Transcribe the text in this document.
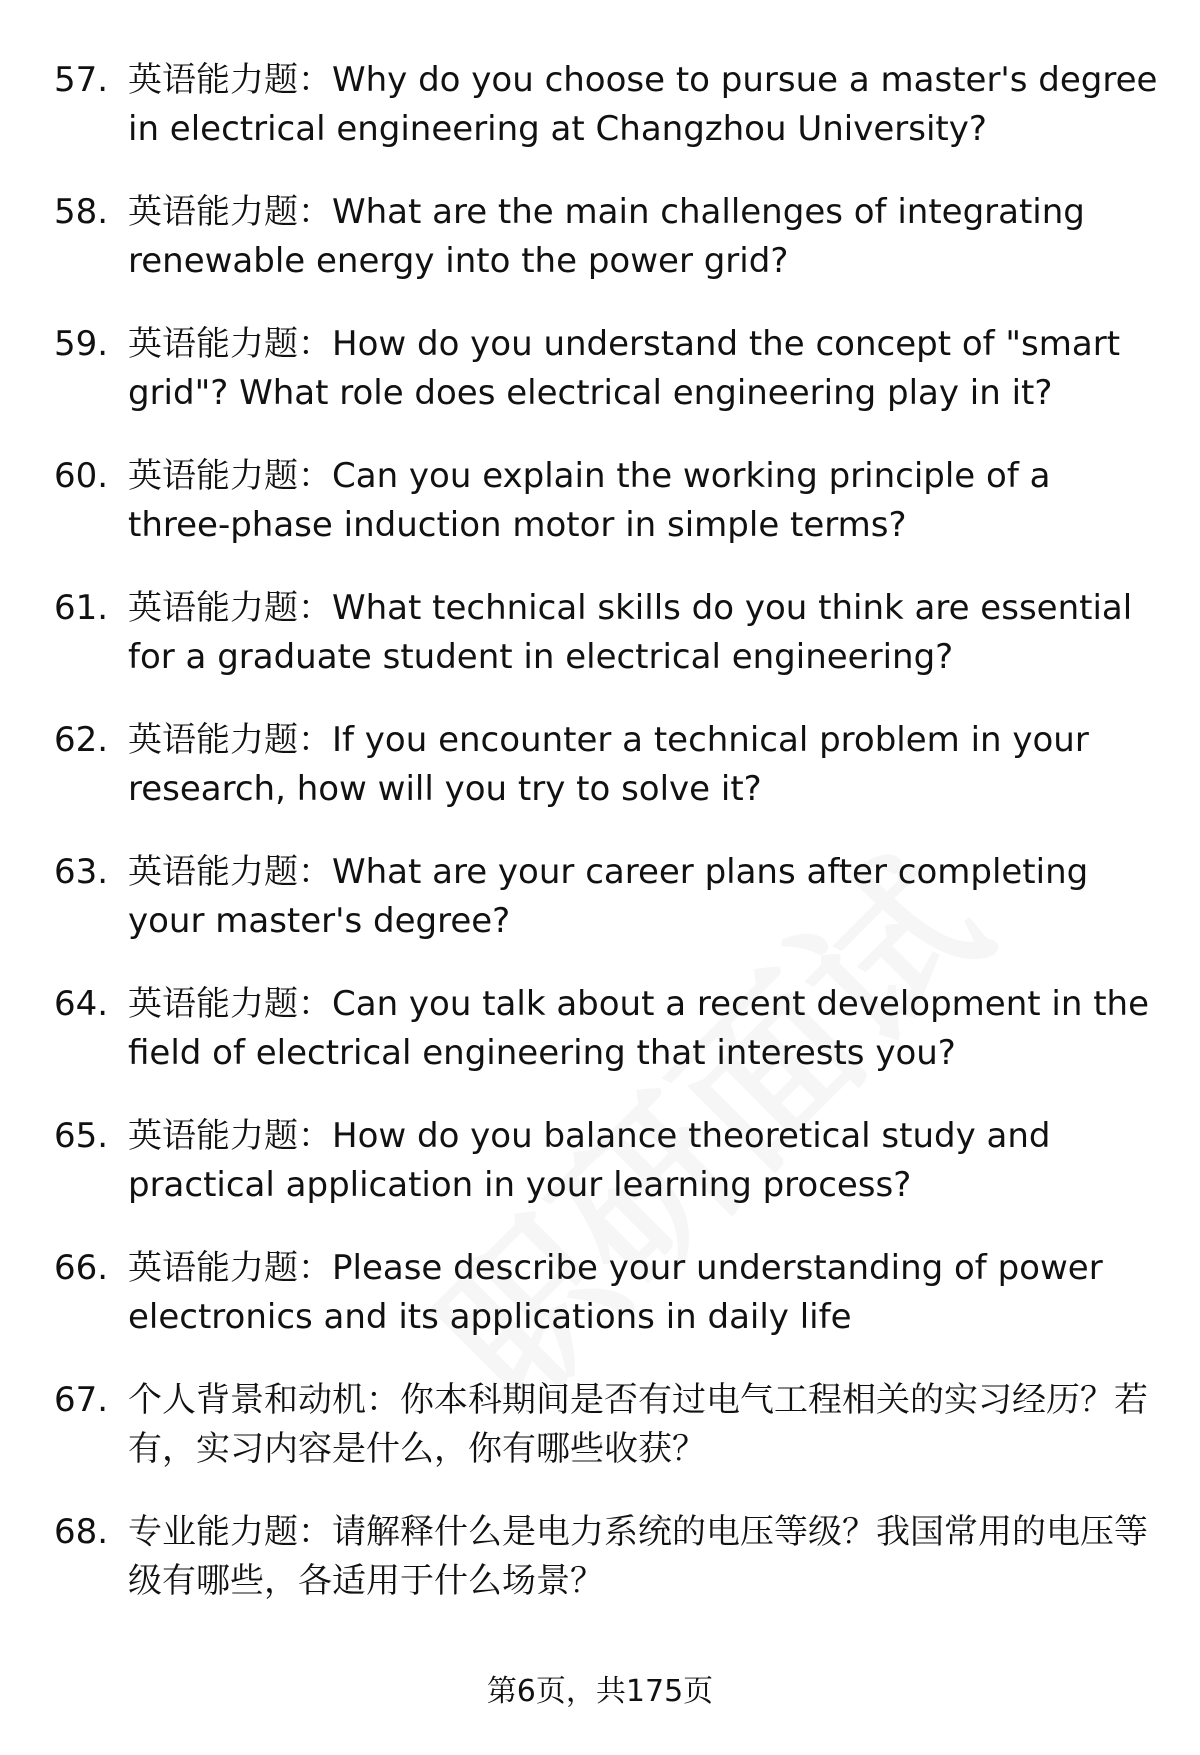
57. 英语能力题：Why do you choose to pursue a master's degree in electrical engineering at Changzhou University?
58. 英语能力题：What are the main challenges of integrating renewable energy into the power grid?
59. 英语能力题：How do you understand the concept of "smart grid"? What role does electrical engineering play in it?
60. 英语能力题：Can you explain the working principle of a three-phase induction motor in simple terms?
61. 英语能力题：What technical skills do you think are essential for a graduate student in electrical engineering?
62. 英语能力题：If you encounter a technical problem in your research, how will you try to solve it?
63. 英语能力题：What are your career plans after completing your master's degree?
64. 英语能力题：Can you talk about a recent development in the field of electrical engineering that interests you?
65. 英语能力题：How do you balance theoretical study and practical application in your learning process?
66. 英语能力题：Please describe your understanding of power electronics and its applications in daily life
67. 个人背景和动机：你本科期间是否有过电气工程相关的实习经历？若有，实习内容是什么，你有哪些收获？
68. 专业能力题：请解释什么是电力系统的电压等级？我国常用的电压等级有哪些，各适用于什么场景？
第6页，共175页
